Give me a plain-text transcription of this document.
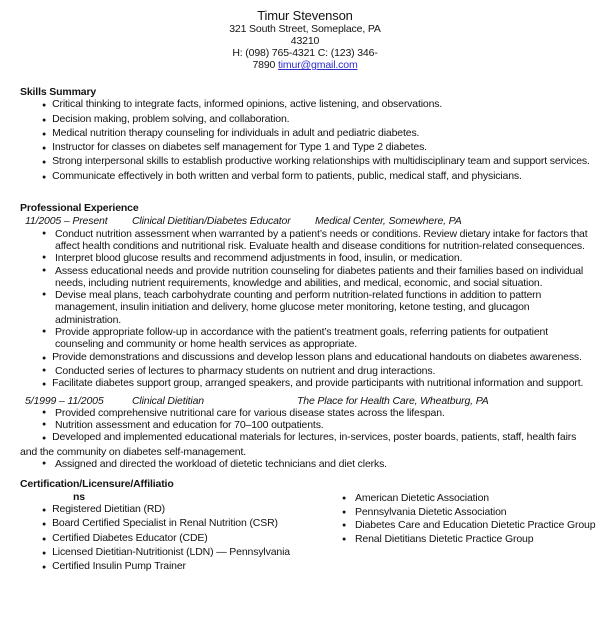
Timur Stevenson
321 South Street, Someplace, PA
43210
H: (098) 765-4321 C: (123) 346-
7890 timur@gmail.com
Skills Summary
● Critical thinking to integrate facts, informed opinions, active listening, and observations.
● Decision making, problem solving, and collaboration.
● Medical nutrition therapy counseling for individuals in adult and pediatric diabetes.
● Instructor for classes on diabetes self management for Type 1 and Type 2 diabetes.
● Strong interpersonal skills to establish productive working relationships with multidisciplinary team and support services.
● Communicate effectively in both written and verbal form to patients, public, medical staff, and physicians.
Professional Experience
11/2005 – Present	Clinical Dietitian/Diabetes Educator	Medical Center, Somewhere, PA
● Conduct nutrition assessment when warranted by a patient’s needs or conditions. Review dietary intake for factors that affect health conditions and nutritional risk. Evaluate health and disease conditions for nutrition-related consequences.
● Interpret blood glucose results and recommend adjustments in food, insulin, or medication.
● Assess educational needs and provide nutrition counseling for diabetes patients and their families based on individual needs, including nutrient requirements, knowledge and abilities, and medical, economic, and social situation.
● Devise meal plans, teach carbohydrate counting and perform nutrition-related functions in addition to pattern management, insulin initiation and delivery, home glucose meter monitoring, ketone testing, and glucagon administration.
● Provide appropriate follow-up in accordance with the patient’s treatment goals, referring patients for outpatient counseling and community or home health services as appropriate.
● Provide demonstrations and discussions and develop lesson plans and educational handouts on diabetes awareness.
● Conducted series of lectures to pharmacy students on nutrient and drug interactions.
● Facilitate diabetes support group, arranged speakers, and provide participants with nutritional information and support.
5/1999 – 11/2005	Clinical Dietitian	The Place for Health Care, Wheatburg, PA
● Provided comprehensive nutritional care for various disease states across the lifespan.
● Nutrition assessment and education for 70–100 outpatients.
● Developed and implemented educational materials for lectures, in-services, poster boards, patients, staff, health fairs and the community on diabetes self-management.
● Assigned and directed the workload of dietetic technicians and diet clerks.
Certification/Licensure/Affiliatio
ns
● Registered Dietitian (RD)
● Board Certified Specialist in Renal Nutrition (CSR)
● Certified Diabetes Educator (CDE)
● Licensed Dietitian-Nutritionist (LDN) — Pennsylvania
● Certified Insulin Pump Trainer
● American Dietetic Association
● Pennsylvania Dietetic Association
● Diabetes Care and Education Dietetic Practice Group
● Renal Dietitians Dietetic Practice Group
